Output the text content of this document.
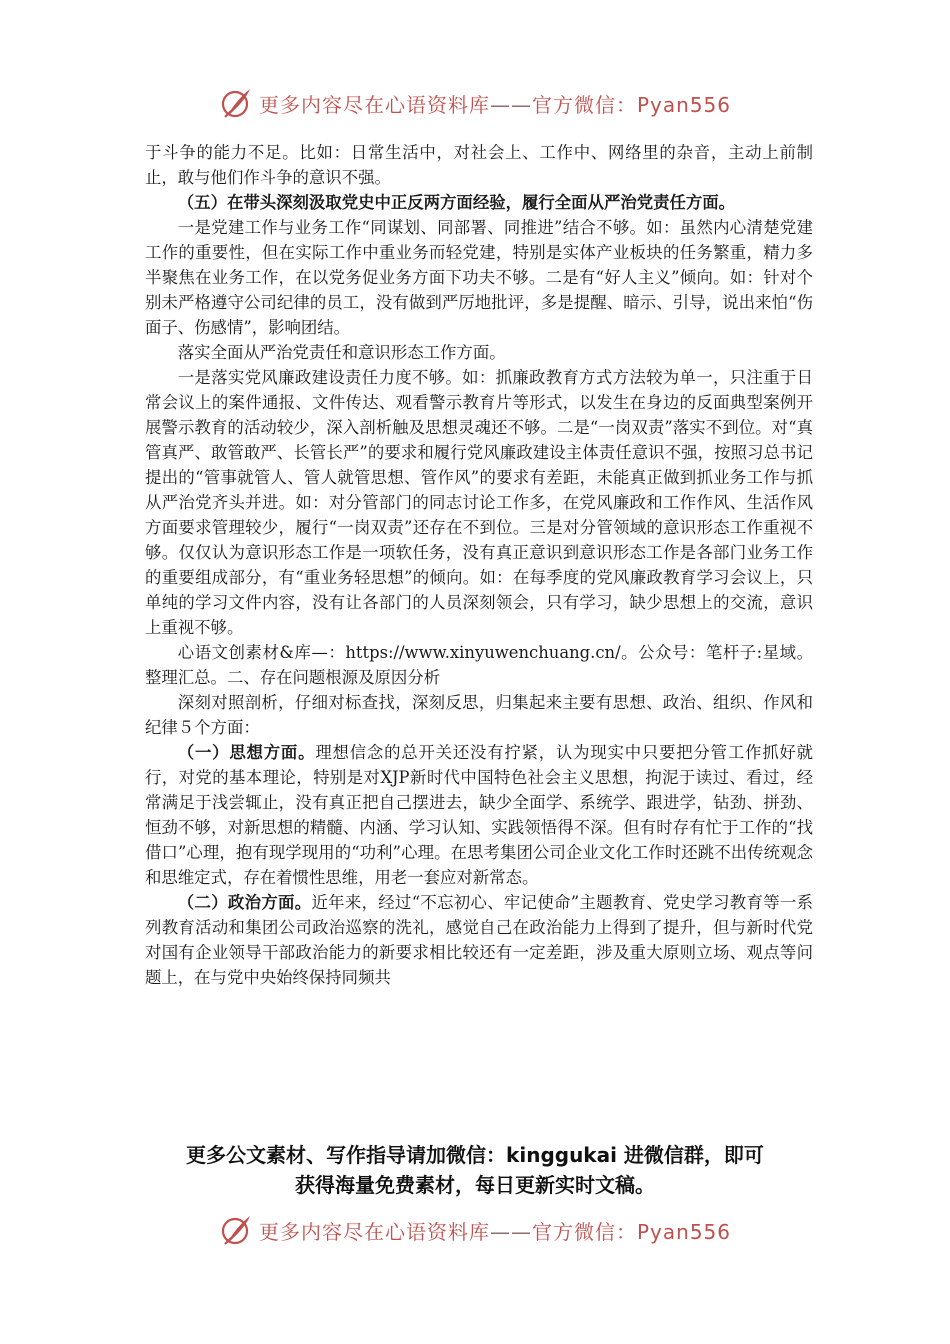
更多内容尽在心语资料库——官方微信：Pyan556

于斗争的能力不足。比如：日常生活中，对社会上、工作中、网络里的杂音，主动上前制止，敢与他们作斗争的意识不强。

（五）在带头深刻汲取党史中正反两方面经验，履行全面从严治党责任方面。

一是党建工作与业务工作“同谋划、同部署、同推进”结合不够。如：虽然内心清楚党建工作的重要性，但在实际工作中重业务而轻党建，特别是实体产业板块的任务繁重，精力多半聚焦在业务工作，在以党务促业务方面下功夫不够。二是有“好人主义”倾向。如：针对个别未严格遵守公司纪律的员工，没有做到严厉地批评，多是提醒、暗示、引导，说出来怕“伤面子、伤感情”，影响团结。

落实全面从严治党责任和意识形态工作方面。

一是落实党风廉政建设责任力度不够。如：抓廉政教育方式方法较为单一，只注重于日常会议上的案件通报、文件传达、观看警示教育片等形式，以发生在身边的反面典型案例开展警示教育的活动较少，深入剖析触及思想灵魂还不够。二是“一岗双责”落实不到位。对“真管真严、敢管敢严、长管长严”的要求和履行党风廉政建设主体责任意识不强，按照习总书记提出的“管事就管人、管人就管思想、管作风”的要求有差距，未能真正做到抓业务工作与抓从严治党齐头并进。如：对分管部门的同志讨论工作多，在党风廉政和工作作风、生活作风方面要求管理较少，履行“一岗双责”还存在不到位。三是对分管领域的意识形态工作重视不够。仅仅认为意识形态工作是一项软任务，没有真正意识到意识形态工作是各部门业务工作的重要组成部分，有“重业务轻思想”的倾向。如：在每季度的党风廉政教育学习会议上，只单纯的学习文件内容，没有让各部门的人员深刻领会，只有学习，缺少思想上的交流，意识上重视不够。

心语文创素材&库—：https://www.xinyuwenchuang.cn/。公众号：笔杆子:星域。整理汇总。二、存在问题根源及原因分析

深刻对照剖析，仔细对标查找，深刻反思，归集起来主要有思想、政治、组织、作风和纪律５个方面：

（一）思想方面。理想信念的总开关还没有拧紧，认为现实中只要把分管工作抓好就行，对党的基本理论，特别是对XJP新时代中国特色社会主义思想，拘泥于读过、看过，经常满足于浅尝辄止，没有真正把自己摆进去，缺少全面学、系统学、跟进学，钻劲、拼劲、恒劲不够，对新思想的精髓、内涵、学习认知、实践领悟得不深。但有时存有忙于工作的“找借口”心理，抱有现学现用的“功利”心理。在思考集团公司企业文化工作时还跳不出传统观念和思维定式，存在着惯性思维，用老一套应对新常态。

（二）政治方面。近年来，经过“不忘初心、牢记使命”主题教育、党史学习教育等一系列教育活动和集团公司政治巡察的洗礼，感觉自己在政治能力上得到了提升，但与新时代党对国有企业领导干部政治能力的新要求相比较还有一定差距，涉及重大原则立场、观点等问题上，在与党中央始终保持同频共

更多公文素材、写作指导请加微信：kinggukai 进微信群，即可
获得海量免费素材，每日更新实时文稿。
更多内容尽在心语资料库——官方微信：Pyan556
